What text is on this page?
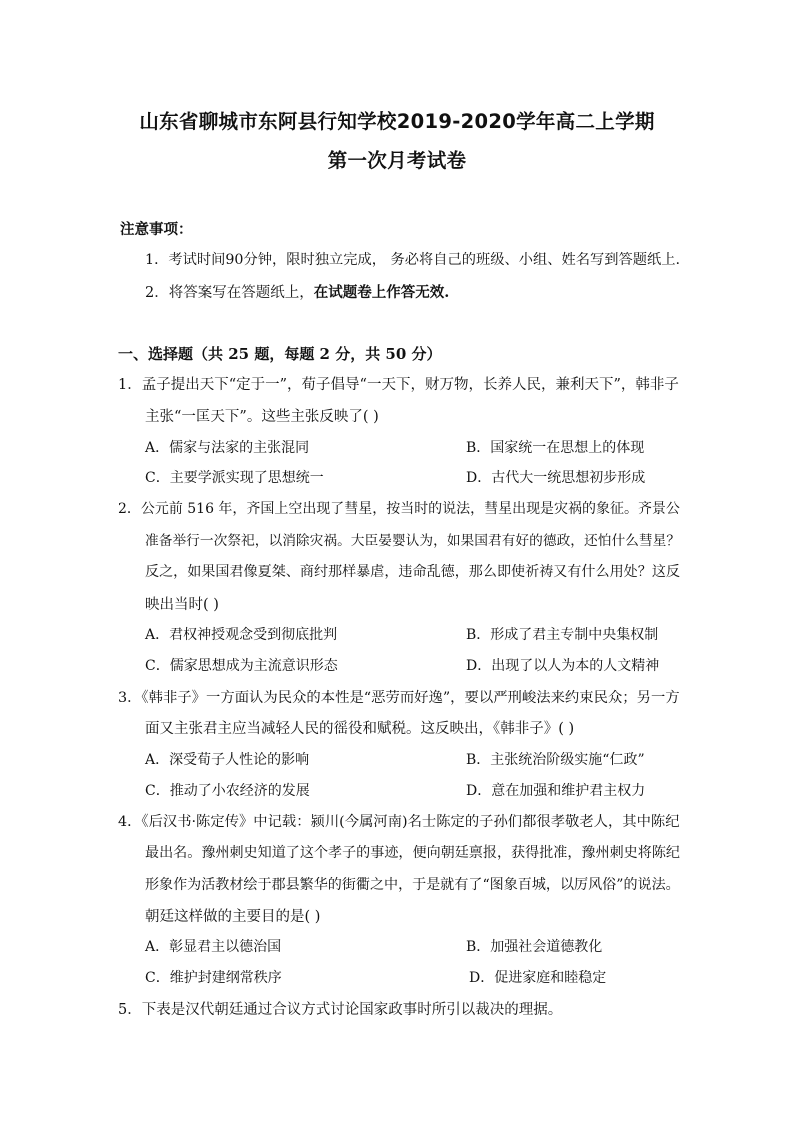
山东省聊城市东阿县行知学校2019-2020学年高二上学期
第一次月考试卷
注意事项：
1．考试时间90分钟，限时独立完成， 务必将自己的班级、小组、姓名写到答题纸上.
2．将答案写在答题纸上，在试题卷上作答无效.
一、选择题（共 25 题，每题 2 分，共 50 分）
1．孟子提出天下“定于一”，荀子倡导“一天下，财万物，长养人民，兼利天下”，韩非子
主张“一匡天下”。这些主张反映了( )
A．儒家与法家的主张混同	B．国家统一在思想上的体现
C．主要学派实现了思想统一	D．古代大一统思想初步形成
2．公元前 516 年，齐国上空出现了彗星，按当时的说法，彗星出现是灾祸的象征。齐景公
准备举行一次祭祀，以消除灾祸。大臣晏婴认为，如果国君有好的德政，还怕什么彗星？
反之，如果国君像夏桀、商纣那样暴虐，违命乱德，那么即使祈祷又有什么用处？这反
映出当时( )
A．君权神授观念受到彻底批判	B．形成了君主专制中央集权制
C．儒家思想成为主流意识形态	D．出现了以人为本的人文精神
3．《韩非子》一方面认为民众的本性是“恶劳而好逸”，要以严刑峻法来约束民众；另一方
面又主张君主应当减轻人民的徭役和赋税。这反映出，《韩非子》( )
A．深受荀子人性论的影响	B．主张统治阶级实施“仁政”
C．推动了小农经济的发展	D．意在加强和维护君主权力
4．《后汉书·陈定传》中记载：颍川(今属河南)名士陈定的子孙们都很孝敬老人，其中陈纪
最出名。豫州刺史知道了这个孝子的事迹，便向朝廷禀报，获得批准，豫州刺史将陈纪
形象作为活教材绘于郡县繁华的街衢之中，于是就有了“图象百城，以厉风俗”的说法。
朝廷这样做的主要目的是( )
A．彰显君主以德治国	B．加强社会道德教化
C．维护封建纲常秩序	D．促进家庭和睦稳定
5．下表是汉代朝廷通过合议方式讨论国家政事时所引以裁决的理据。
